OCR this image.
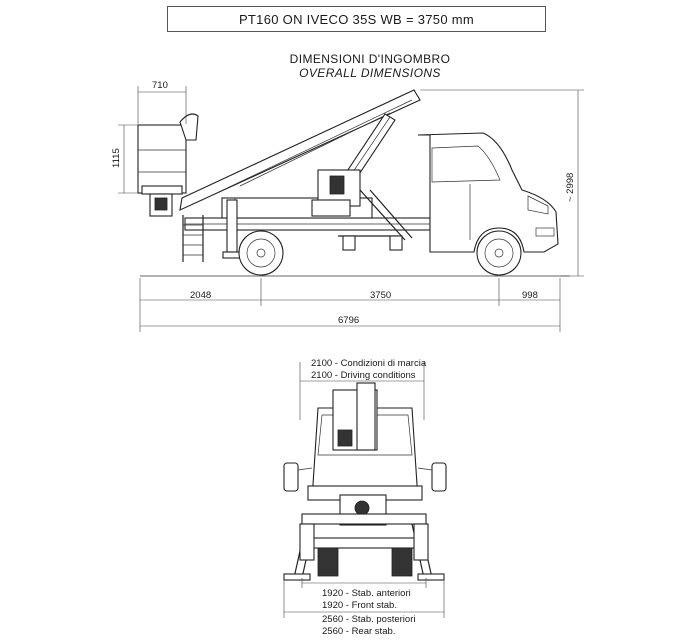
PT160 ON IVECO 35S WB = 3750 mm
DIMENSIONI D'INGOMBRO
OVERALL DIMENSIONS
710
1115
~ 2998
2048	3750	998
6796
2100 - Condizioni di marcia
2100 - Driving conditions
1920 - Stab. anteriori
1920 - Front stab.
2560 - Stab. posteriori
2560 - Rear stab.
